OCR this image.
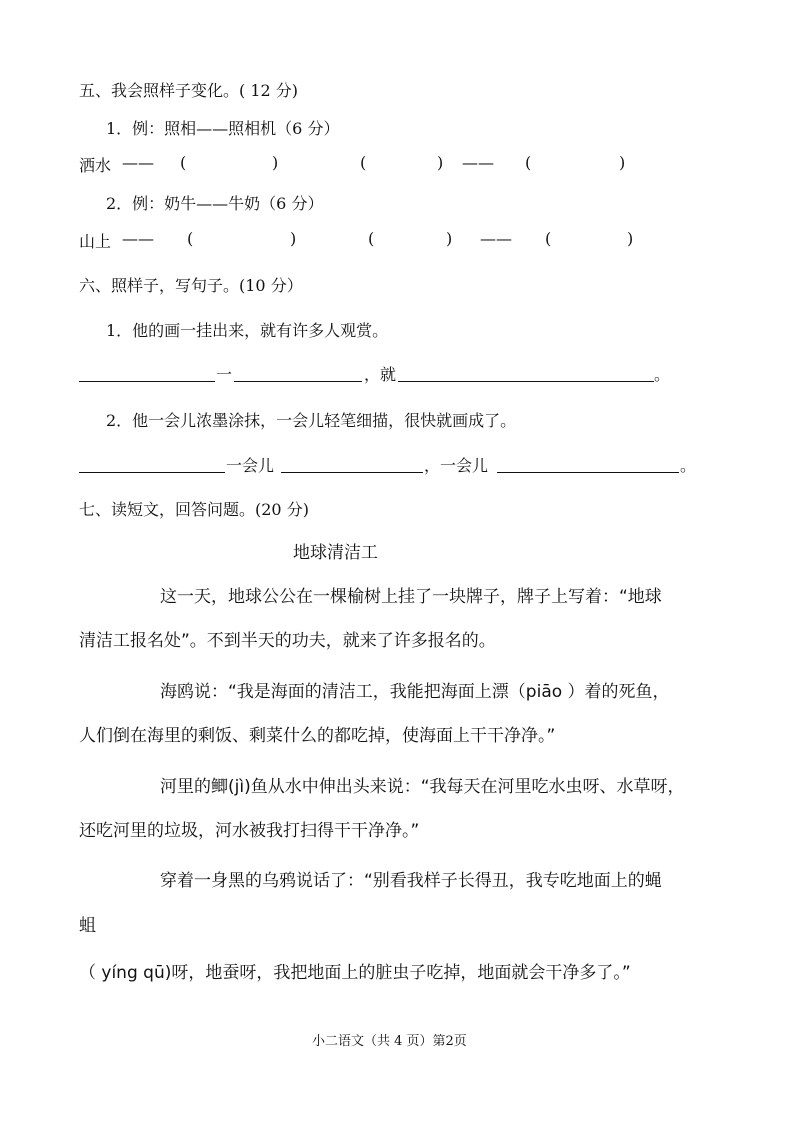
五、我会照样子变化。( 12 分)
1．例：照相——照相机（6 分）
洒水 —— (	)	(	) —— (	)
2．例：奶牛——牛奶（6 分）
山上 —— (	)	(	) —— (	)
六、照样子，写句子。(10 分）
1．他的画一挂出来，就有许多人观赏。
一	，就	。
2．他一会儿浓墨涂抹，一会儿轻笔细描，很快就画成了。
一会儿	，一会儿	。
七、读短文，回答问题。(20 分)
地球清洁工
这一天，地球公公在一棵榆树上挂了一块牌子，牌子上写着：“地球
清洁工报名处”。不到半天的功夫，就来了许多报名的。
海鸥说：“我是海面的清洁工，我能把海面上漂（piāo ）着的死鱼，
人们倒在海里的剩饭、剩菜什么的都吃掉，使海面上干干净净。”
河里的鲫(jì)鱼从水中伸出头来说：“我每天在河里吃水虫呀、水草呀，
还吃河里的垃圾，河水被我打扫得干干净净。”
穿着一身黑的乌鸦说话了：“别看我样子长得丑，我专吃地面上的蝇
蛆
（ yíng qū)呀，地蚕呀，我把地面上的脏虫子吃掉，地面就会干净多了。”
小二语文（共 4 页）第2页
